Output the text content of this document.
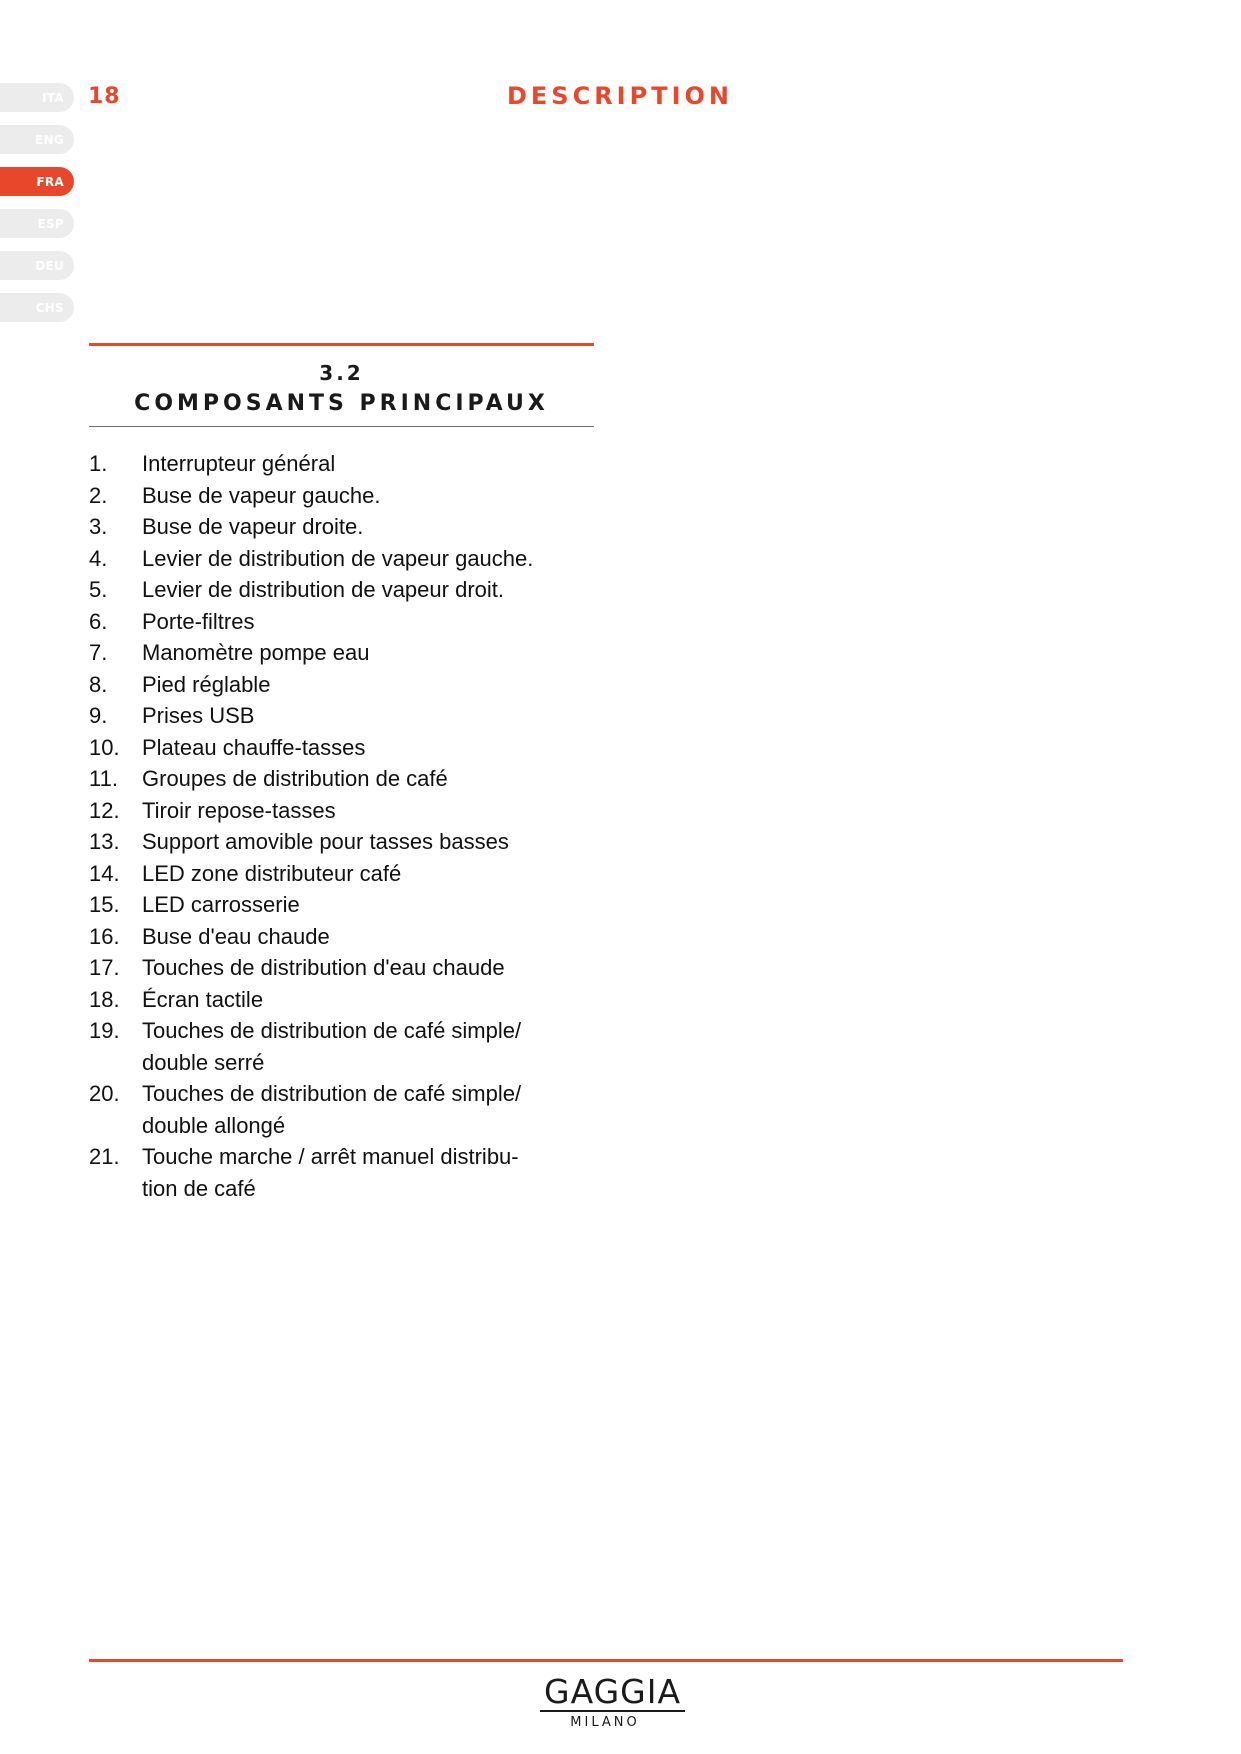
ITA
ENG
FRA
ESP
DEU
CHS
18	DESCRIPTION
3.2
COMPOSANTS PRINCIPAUX
1.	Interrupteur général
2.	Buse de vapeur gauche.
3.	Buse de vapeur droite.
4.	Levier de distribution de vapeur gauche.
5.	Levier de distribution de vapeur droit.
6.	Porte-filtres
7.	Manomètre pompe eau
8.	Pied réglable
9.	Prises USB
10.	Plateau chauffe-tasses
11.	Groupes de distribution de café
12.	Tiroir repose-tasses
13.	Support amovible pour tasses basses
14.	LED zone distributeur café
15.	LED carrosserie
16.	Buse d'eau chaude
17.	Touches de distribution d'eau chaude
18.	Écran tactile
19.	Touches de distribution de café simple/
double serré
20.	Touches de distribution de café simple/
double allongé
21.	Touche marche / arrêt manuel distribu-
tion de café
GAGGIA
MILANO
